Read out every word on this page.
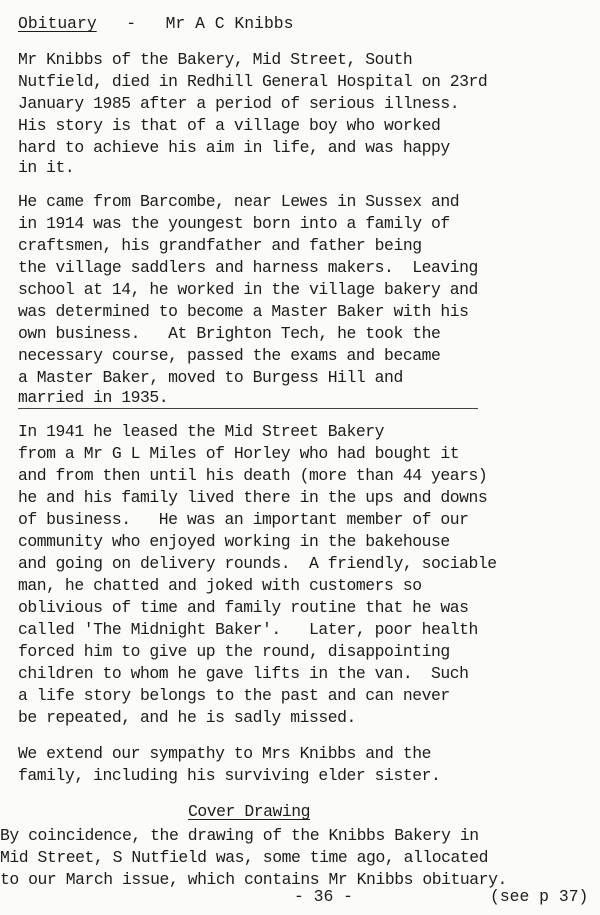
Obituary - Mr A C Knibbs
Mr Knibbs of the Bakery, Mid Street, South
Nutfield, died in Redhill General Hospital on 23rd
January 1985 after a period of serious illness.
His story is that of a village boy who worked
hard to achieve his aim in life, and was happy
in it.
He came from Barcombe, near Lewes in Sussex and
in 1914 was the youngest born into a family of
craftsmen, his grandfather and father being
the village saddlers and harness makers.  Leaving
school at 14, he worked in the village bakery and
was determined to become a Master Baker with his
own business.   At Brighton Tech, he took the
necessary course, passed the exams and became
a Master Baker, moved to Burgess Hill and
married in 1935.
In 1941 he leased the Mid Street Bakery
from a Mr G L Miles of Horley who had bought it
and from then until his death (more than 44 years)
he and his family lived there in the ups and downs
of business.   He was an important member of our
community who enjoyed working in the bakehouse
and going on delivery rounds.  A friendly, sociable
man, he chatted and joked with customers so
oblivious of time and family routine that he was
called 'The Midnight Baker'.   Later, poor health
forced him to give up the round, disappointing
children to whom he gave lifts in the van.  Such
a life story belongs to the past and can never
be repeated, and he is sadly missed.
We extend our sympathy to Mrs Knibbs and the
family, including his surviving elder sister.
Cover Drawing
By coincidence, the drawing of the Knibbs Bakery in
Mid Street, S Nutfield was, some time ago, allocated
to our March issue, which contains Mr Knibbs obituary.
- 36 -	(see p 37)
